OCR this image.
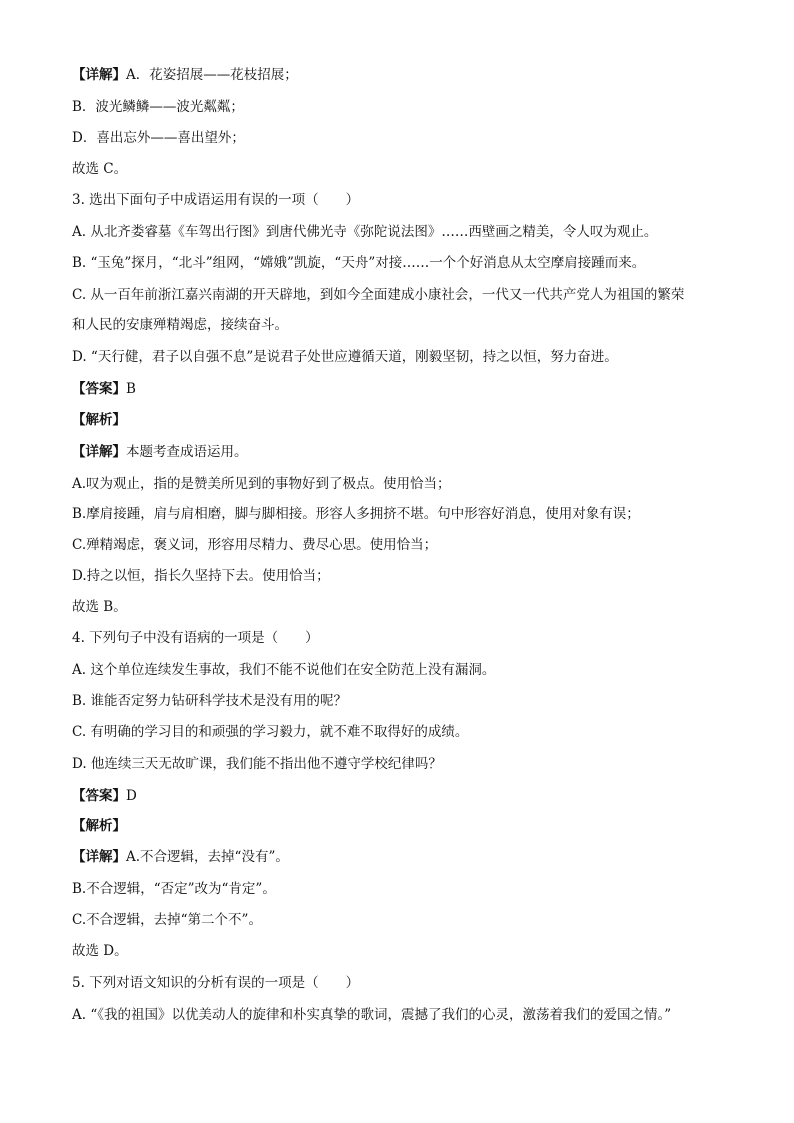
【详解】A．花姿招展——花枝招展；
B．波光鳞鳞——波光粼粼；
D．喜出忘外——喜出望外；
故选 C。
3. 选出下面句子中成语运用有误的一项（　　）
A. 从北齐娄睿墓《车驾出行图》到唐代佛光寺《弥陀说法图》……西壁画之精美，令人叹为观止。
B. “玉兔”探月，“北斗”组网，“嫦娥”凯旋，“天舟”对接……一个个好消息从太空摩肩接踵而来。
C. 从一百年前浙江嘉兴南湖的开天辟地，到如今全面建成小康社会，一代又一代共产党人为祖国的繁荣
和人民的安康殚精竭虑，接续奋斗。
D. “天行健，君子以自强不息”是说君子处世应遵循天道，刚毅坚韧，持之以恒，努力奋进。
【答案】B
【解析】
【详解】本题考查成语运用。
A.叹为观止，指的是赞美所见到的事物好到了极点。使用恰当；
B.摩肩接踵，肩与肩相磨，脚与脚相接。形容人多拥挤不堪。句中形容好消息，使用对象有误；
C.殚精竭虑，褒义词，形容用尽精力、费尽心思。使用恰当；
D.持之以恒，指长久坚持下去。使用恰当；
故选 B。
4. 下列句子中没有语病的一项是（　　）
A. 这个单位连续发生事故，我们不能不说他们在安全防范上没有漏洞。
B. 谁能否定努力钻研科学技术是没有用的呢？
C. 有明确的学习目的和顽强的学习毅力，就不难不取得好的成绩。
D. 他连续三天无故旷课，我们能不指出他不遵守学校纪律吗？
【答案】D
【解析】
【详解】A.不合逻辑，去掉“没有”。
B.不合逻辑，“否定”改为“肯定”。
C.不合逻辑，去掉“第二个不”。
故选 D。
5. 下列对语文知识的分析有误的一项是（　　）
A. “《我的祖国》以优美动人的旋律和朴实真挚的歌词，震撼了我们的心灵，激荡着我们的爱国之情。”
